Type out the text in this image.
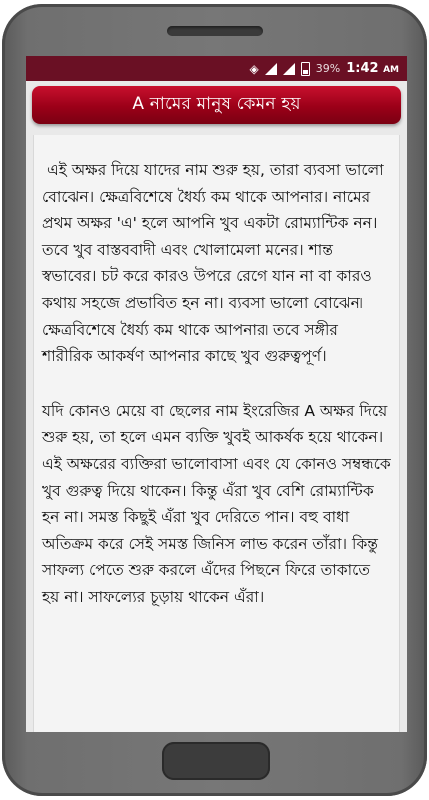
◈	39% 1:42 AM
A নামের মানুষ কেমন হয়

এই অক্ষর দিয়ে যাদের নাম শুরু হয়, তারা ব্যবসা ভালো বোঝেন। ক্ষেত্রবিশেষে ধৈর্য্য কম থাকে আপনার। নামের প্রথম অক্ষর 'এ' হলে আপনি খুব একটা রোম্যান্টিক নন। তবে খুব বাস্তববাদী এবং খোলামেলা মনের। শান্ত স্বভাবের। চট করে কারও উপরে রেগে যান না বা কারও কথায় সহজে প্রভাবিত হন না। ব্যবসা ভালো বোঝেন৷ ক্ষেত্রবিশেষে ধৈর্য্য কম থাকে আপনার৷ তবে সঙ্গীর শারীরিক আকর্ষণ আপনার কাছে খুব গুরুত্বপূর্ণ।

যদি কোনও মেয়ে বা ছেলের নাম ইংরেজির A অক্ষর দিয়ে শুরু হয়, তা হলে এমন ব্যক্তি খুবই আকর্ষক হয়ে থাকেন। এই অক্ষরের ব্যক্তিরা ভালোবাসা এবং যে কোনও সম্বন্ধকে খুব গুরুত্ব দিয়ে থাকেন। কিন্তু এঁরা খুব বেশি রোম্যান্টিক হন না। সমস্ত কিছুই এঁরা খুব দেরিতে পান। বহু বাধা অতিক্রম করে সেই সমস্ত জিনিস লাভ করেন তাঁরা। কিন্তু সাফল্য পেতে শুরু করলে এঁদের পিছনে ফিরে তাকাতে হয় না। সাফল্যের চূড়ায় থাকেন এঁরা।
